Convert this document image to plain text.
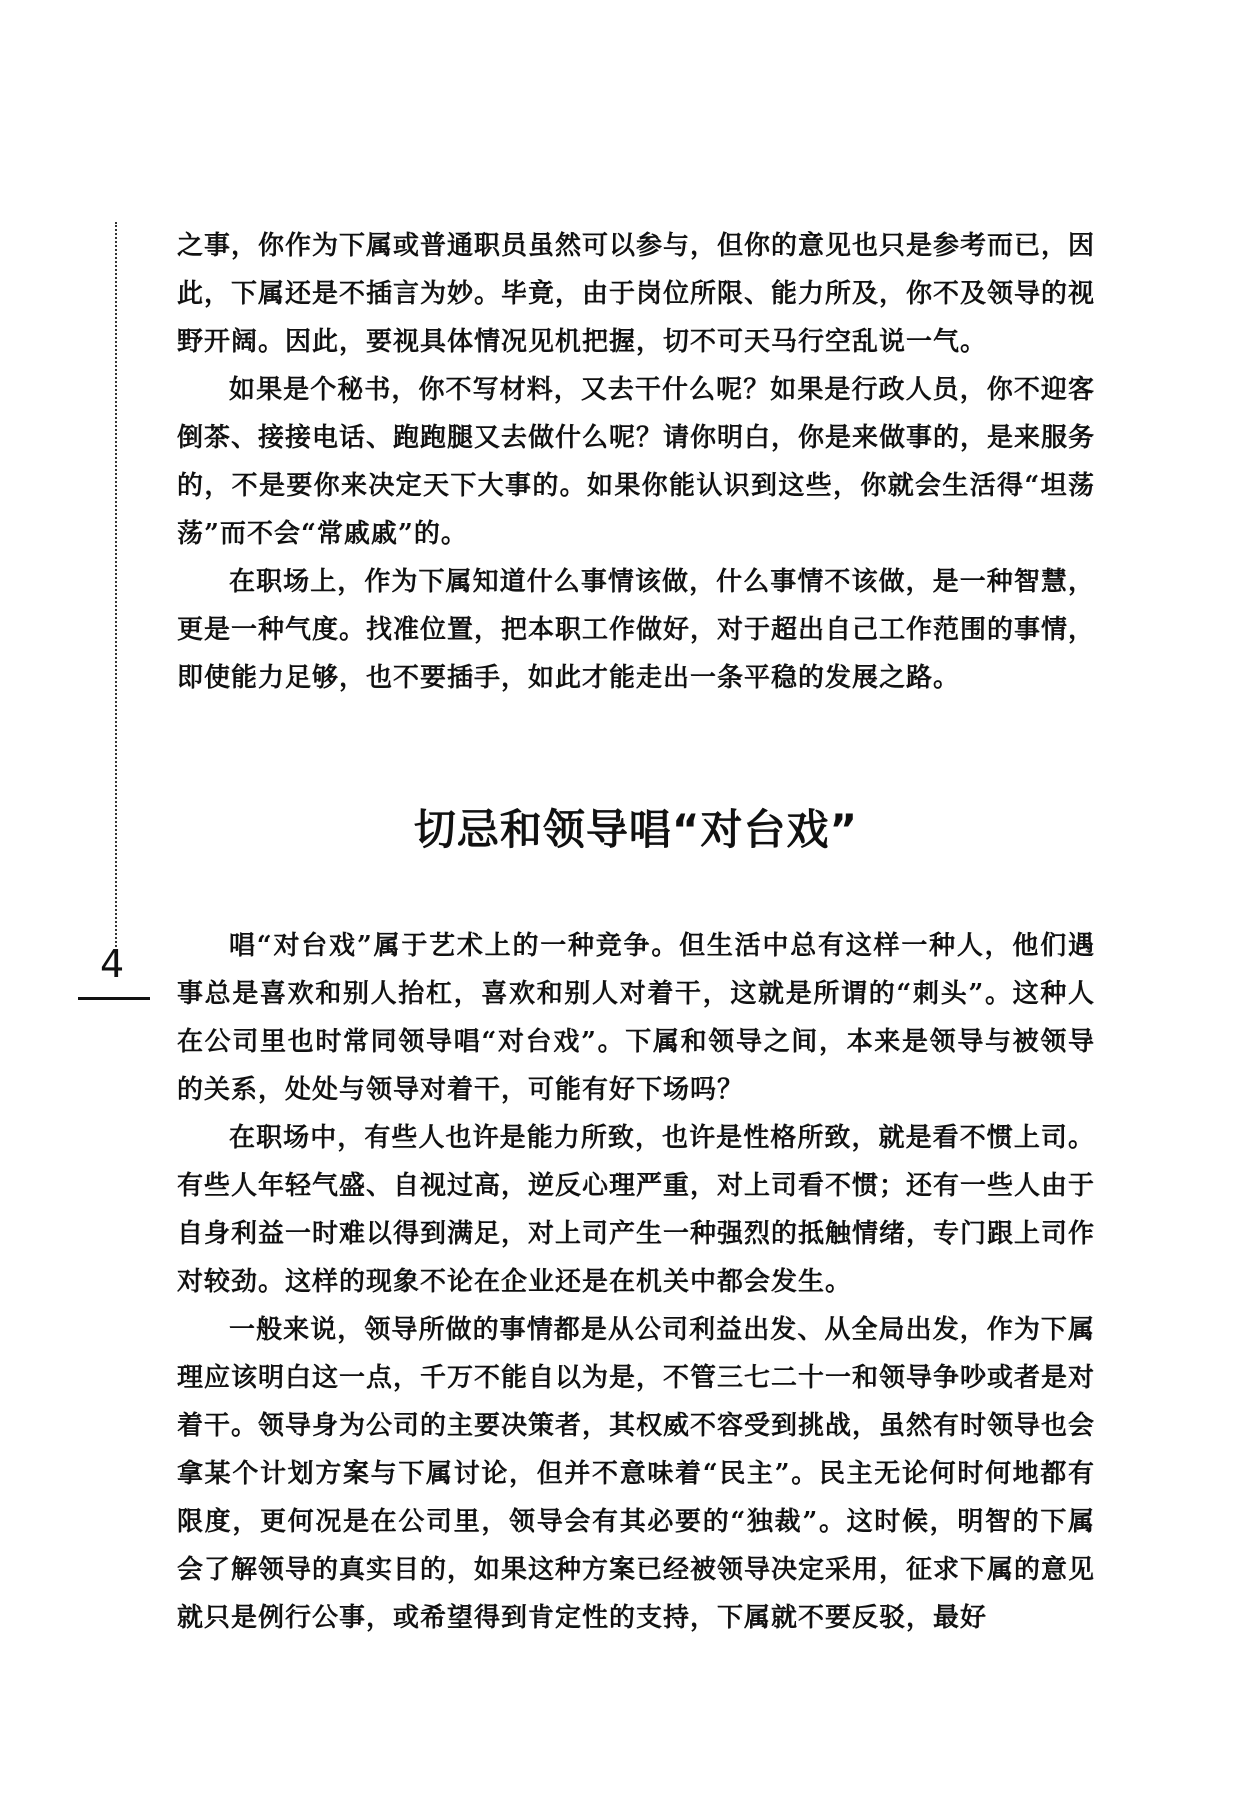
4

之事，你作为下属或普通职员虽然可以参与，但你的意见也只是参考而已，因此，下属还是不插言为妙。毕竟，由于岗位所限、能力所及，你不及领导的视野开阔。因此，要视具体情况见机把握，切不可天马行空乱说一气。

如果是个秘书，你不写材料，又去干什么呢？如果是行政人员，你不迎客倒茶、接接电话、跑跑腿又去做什么呢？请你明白，你是来做事的，是来服务的，不是要你来决定天下大事的。如果你能认识到这些，你就会生活得“坦荡荡”而不会“常戚戚”的。

在职场上，作为下属知道什么事情该做，什么事情不该做，是一种智慧，更是一种气度。找准位置，把本职工作做好，对于超出自己工作范围的事情，即使能力足够，也不要插手，如此才能走出一条平稳的发展之路。

切忌和领导唱“对台戏”

唱“对台戏”属于艺术上的一种竞争。但生活中总有这样一种人，他们遇事总是喜欢和别人抬杠，喜欢和别人对着干，这就是所谓的“刺头”。这种人在公司里也时常同领导唱“对台戏”。下属和领导之间，本来是领导与被领导的关系，处处与领导对着干，可能有好下场吗？

在职场中，有些人也许是能力所致，也许是性格所致，就是看不惯上司。有些人年轻气盛、自视过高，逆反心理严重，对上司看不惯；还有一些人由于自身利益一时难以得到满足，对上司产生一种强烈的抵触情绪，专门跟上司作对较劲。这样的现象不论在企业还是在机关中都会发生。

一般来说，领导所做的事情都是从公司利益出发、从全局出发，作为下属理应该明白这一点，千万不能自以为是，不管三七二十一和领导争吵或者是对着干。领导身为公司的主要决策者，其权威不容受到挑战，虽然有时领导也会拿某个计划方案与下属讨论，但并不意味着“民主”。民主无论何时何地都有限度，更何况是在公司里，领导会有其必要的“独裁”。这时候，明智的下属会了解领导的真实目的，如果这种方案已经被领导决定采用，征求下属的意见就只是例行公事，或希望得到肯定性的支持，下属就不要反驳，最好
